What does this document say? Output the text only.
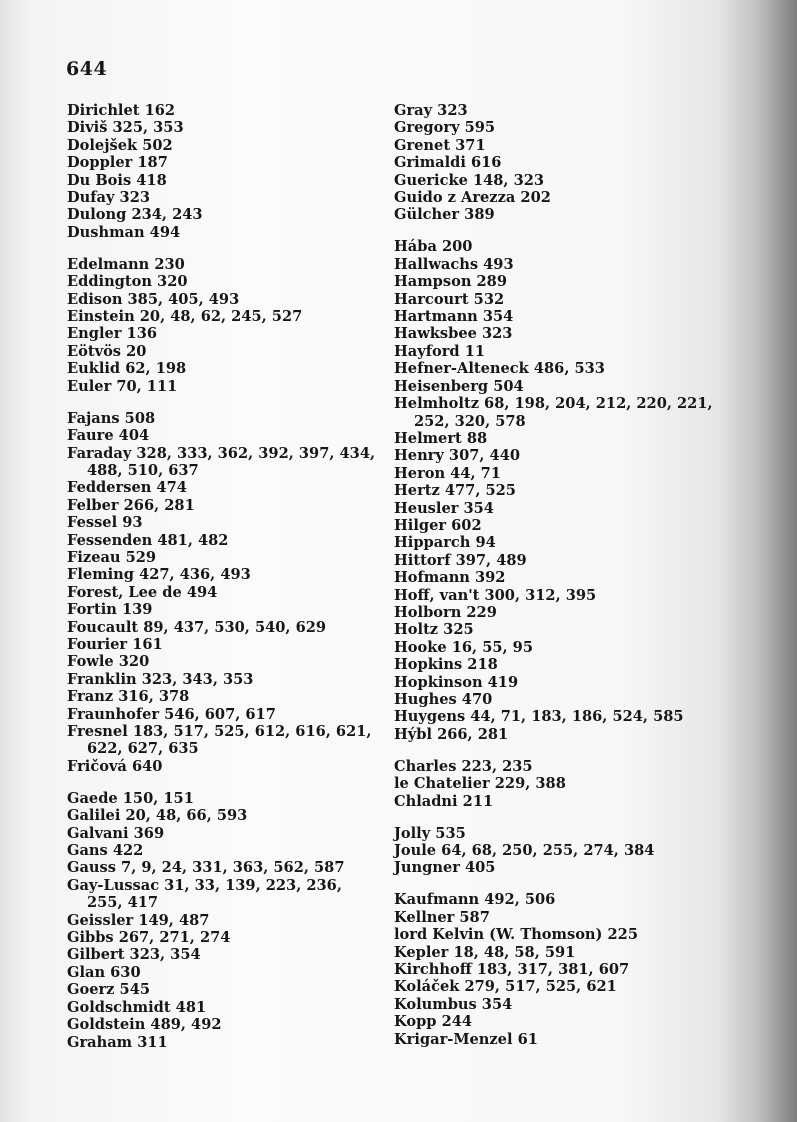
644
Dirichlet 162
Diviš 325, 353
Dolejšek 502
Doppler 187
Du Bois 418
Dufay 323
Dulong 234, 243
Dushman 494
Edelmann 230
Eddington 320
Edison 385, 405, 493
Einstein 20, 48, 62, 245, 527
Engler 136
Eötvös 20
Euklid 62, 198
Euler 70, 111
Fajans 508
Faure 404
Faraday 328, 333, 362, 392, 397, 434, 488, 510, 637
Feddersen 474
Felber 266, 281
Fessel 93
Fessenden 481, 482
Fizeau 529
Fleming 427, 436, 493
Forest, Lee de 494
Fortin 139
Foucault 89, 437, 530, 540, 629
Fourier 161
Fowle 320
Franklin 323, 343, 353
Franz 316, 378
Fraunhofer 546, 607, 617
Fresnel 183, 517, 525, 612, 616, 621, 622, 627, 635
Fričová 640
Gaede 150, 151
Galilei 20, 48, 66, 593
Galvani 369
Gans 422
Gauss 7, 9, 24, 331, 363, 562, 587
Gay-Lussac 31, 33, 139, 223, 236, 255, 417
Geissler 149, 487
Gibbs 267, 271, 274
Gilbert 323, 354
Glan 630
Goerz 545
Goldschmidt 481
Goldstein 489, 492
Graham 311
Gray 323
Gregory 595
Grenet 371
Grimaldi 616
Guericke 148, 323
Guido z Arezza 202
Gülcher 389
Hába 200
Hallwachs 493
Hampson 289
Harcourt 532
Hartmann 354
Hawksbee 323
Hayford 11
Hefner-Alteneck 486, 533
Heisenberg 504
Helmholtz 68, 198, 204, 212, 220, 221, 252, 320, 578
Helmert 88
Henry 307, 440
Heron 44, 71
Hertz 477, 525
Heusler 354
Hilger 602
Hipparch 94
Hittorf 397, 489
Hofmann 392
Hoff, van't 300, 312, 395
Holborn 229
Holtz 325
Hooke 16, 55, 95
Hopkins 218
Hopkinson 419
Hughes 470
Huygens 44, 71, 183, 186, 524, 585
Hýbl 266, 281
Charles 223, 235
le Chatelier 229, 388
Chladni 211
Jolly 535
Joule 64, 68, 250, 255, 274, 384
Jungner 405
Kaufmann 492, 506
Kellner 587
lord Kelvin (W. Thomson) 225
Kepler 18, 48, 58, 591
Kirchhoff 183, 317, 381, 607
Koláček 279, 517, 525, 621
Kolumbus 354
Kopp 244
Krigar-Menzel 61
